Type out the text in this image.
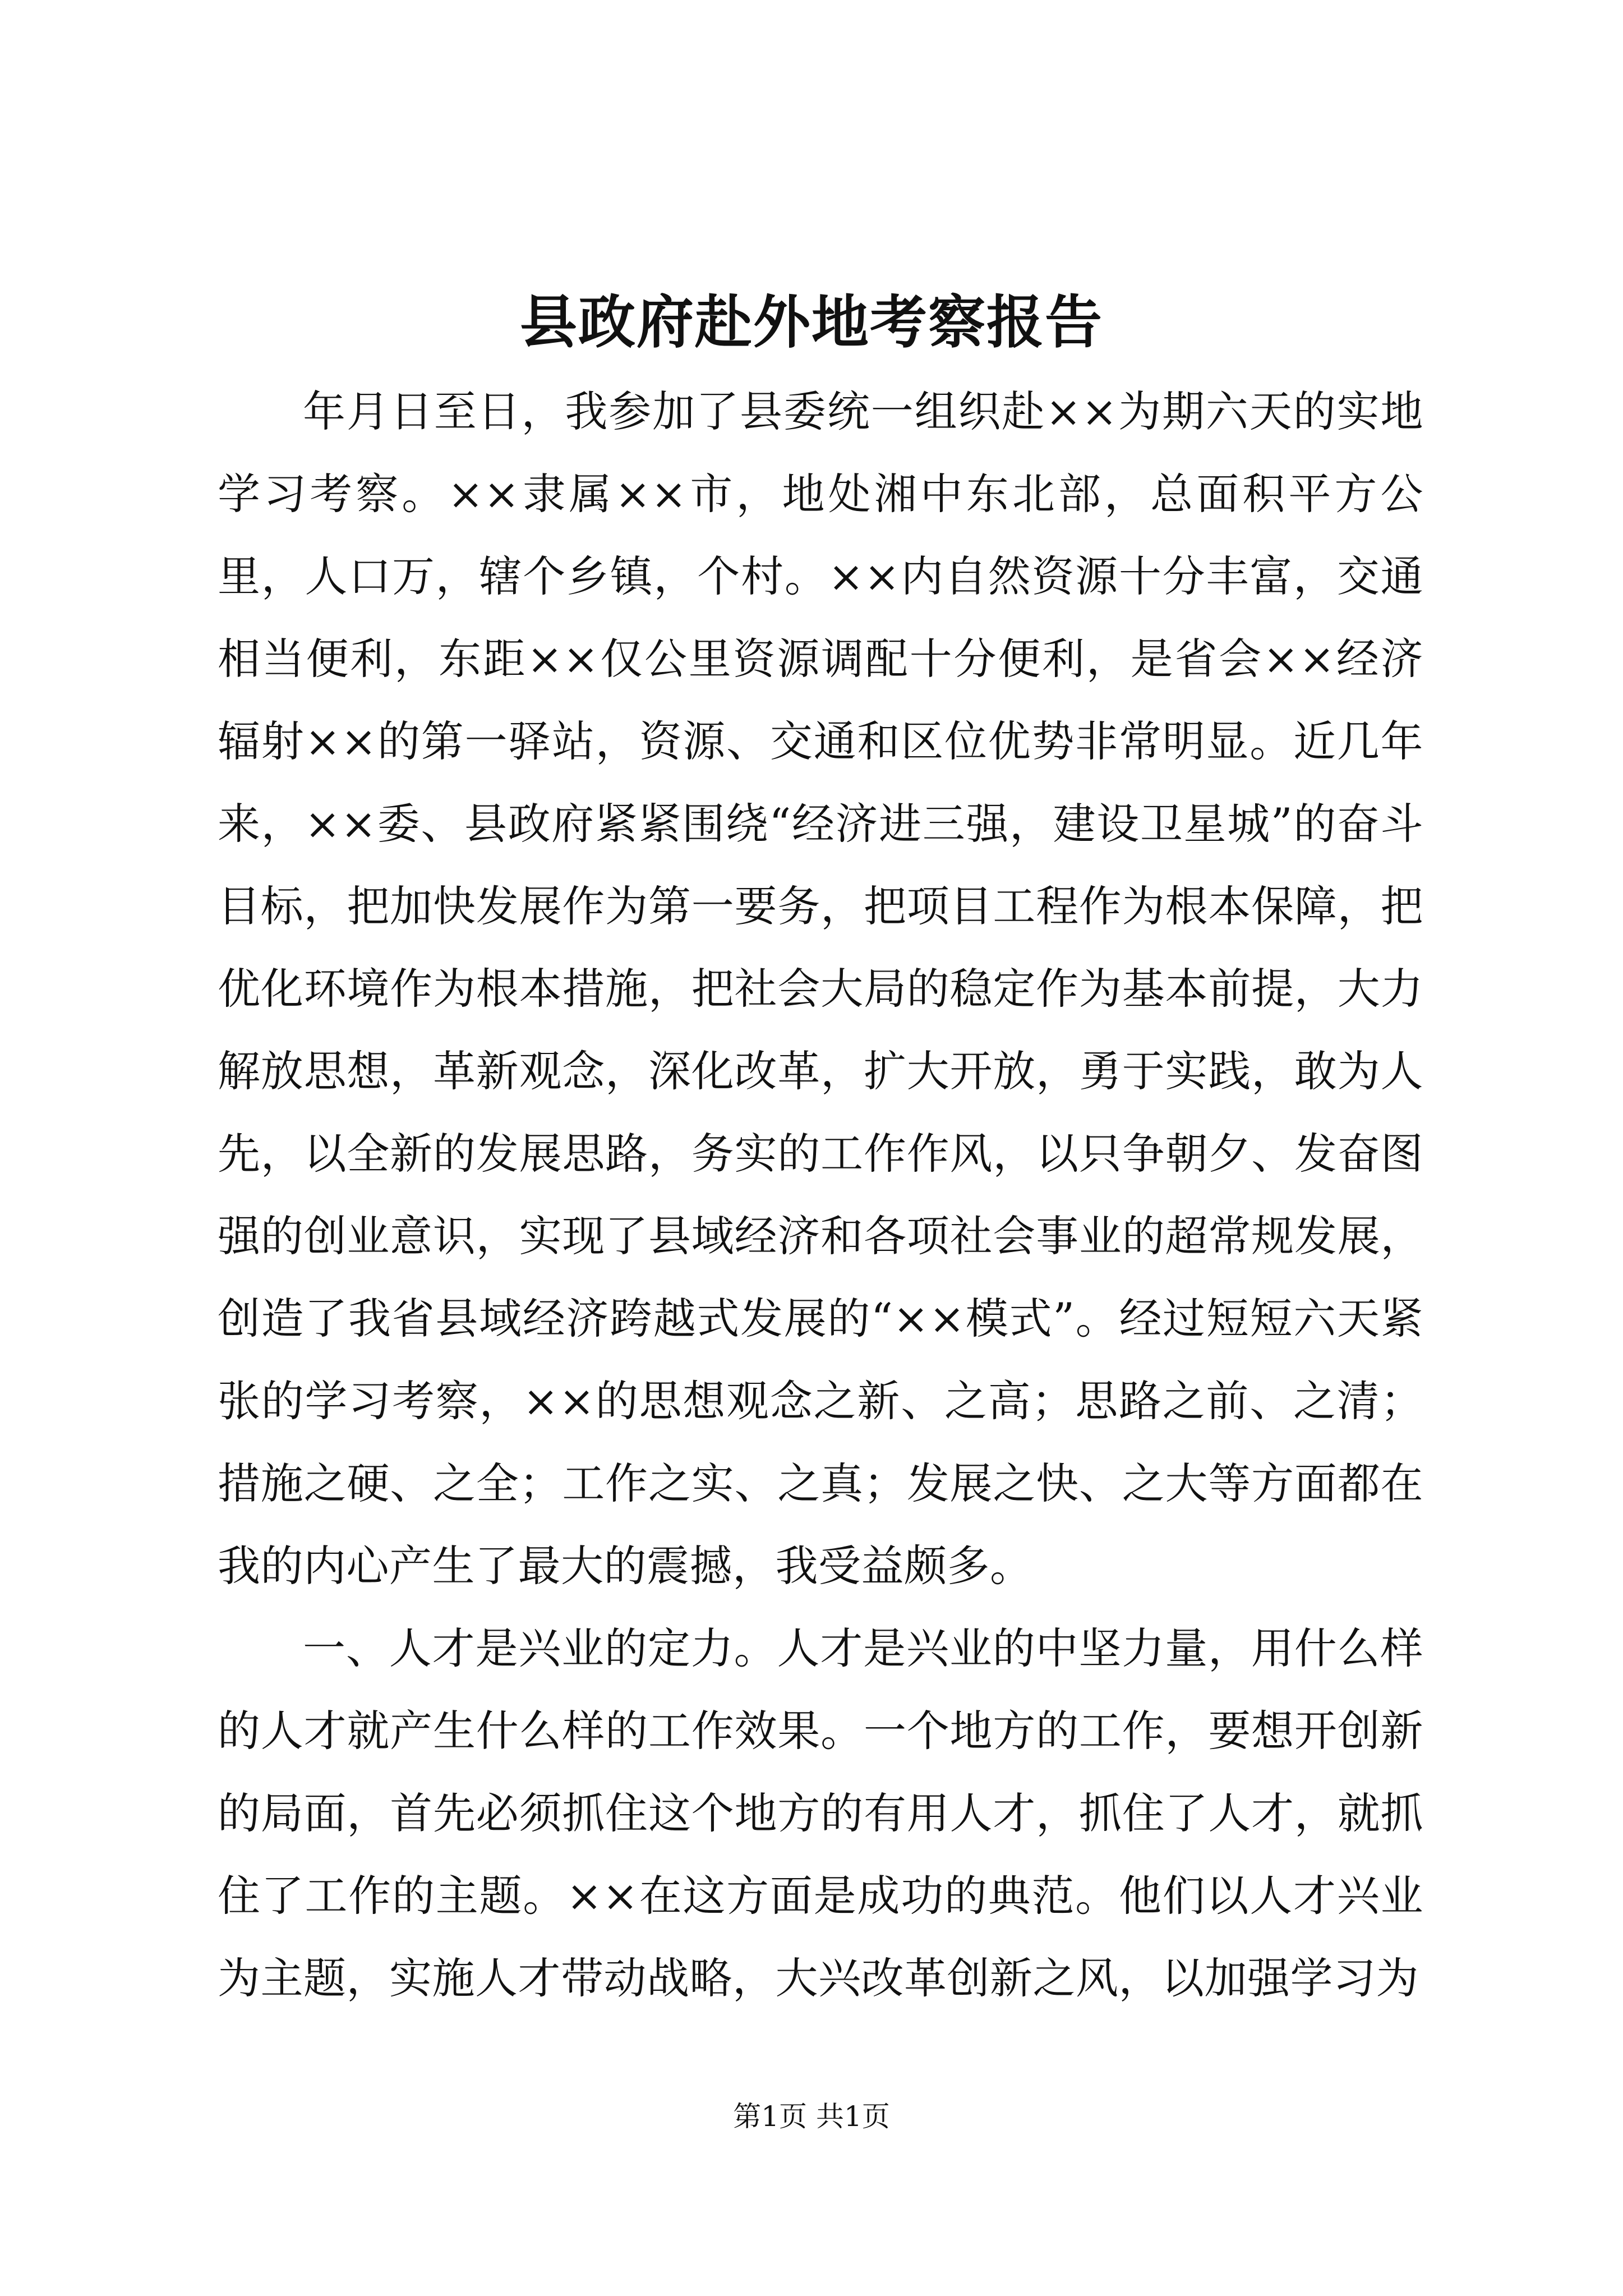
县政府赴外地考察报告

年月日至日，我参加了县委统一组织赴××为期六天的实地学习考察。××隶属××市，地处湘中东北部，总面积平方公里，人口万，辖个乡镇，个村。××内自然资源十分丰富，交通相当便利，东距××仅公里资源调配十分便利，是省会××经济辐射××的第一驿站，资源、交通和区位优势非常明显。近几年来，××委、县政府紧紧围绕“经济进三强，建设卫星城”的奋斗目标，把加快发展作为第一要务，把项目工程作为根本保障，把优化环境作为根本措施，把社会大局的稳定作为基本前提，大力解放思想，革新观念，深化改革，扩大开放，勇于实践，敢为人先，以全新的发展思路，务实的工作作风，以只争朝夕、发奋图强的创业意识，实现了县域经济和各项社会事业的超常规发展，创造了我省县域经济跨越式发展的“××模式”。经过短短六天紧张的学习考察，××的思想观念之新、之高；思路之前、之清；措施之硬、之全；工作之实、之真；发展之快、之大等方面都在我的内心产生了最大的震撼，我受益颇多。

一、人才是兴业的定力。人才是兴业的中坚力量，用什么样的人才就产生什么样的工作效果。一个地方的工作，要想开创新的局面，首先必须抓住这个地方的有用人才，抓住了人才，就抓住了工作的主题。××在这方面是成功的典范。他们以人才兴业为主题，实施人才带动战略，大兴改革创新之风，以加强学习为

第1页 共1页
